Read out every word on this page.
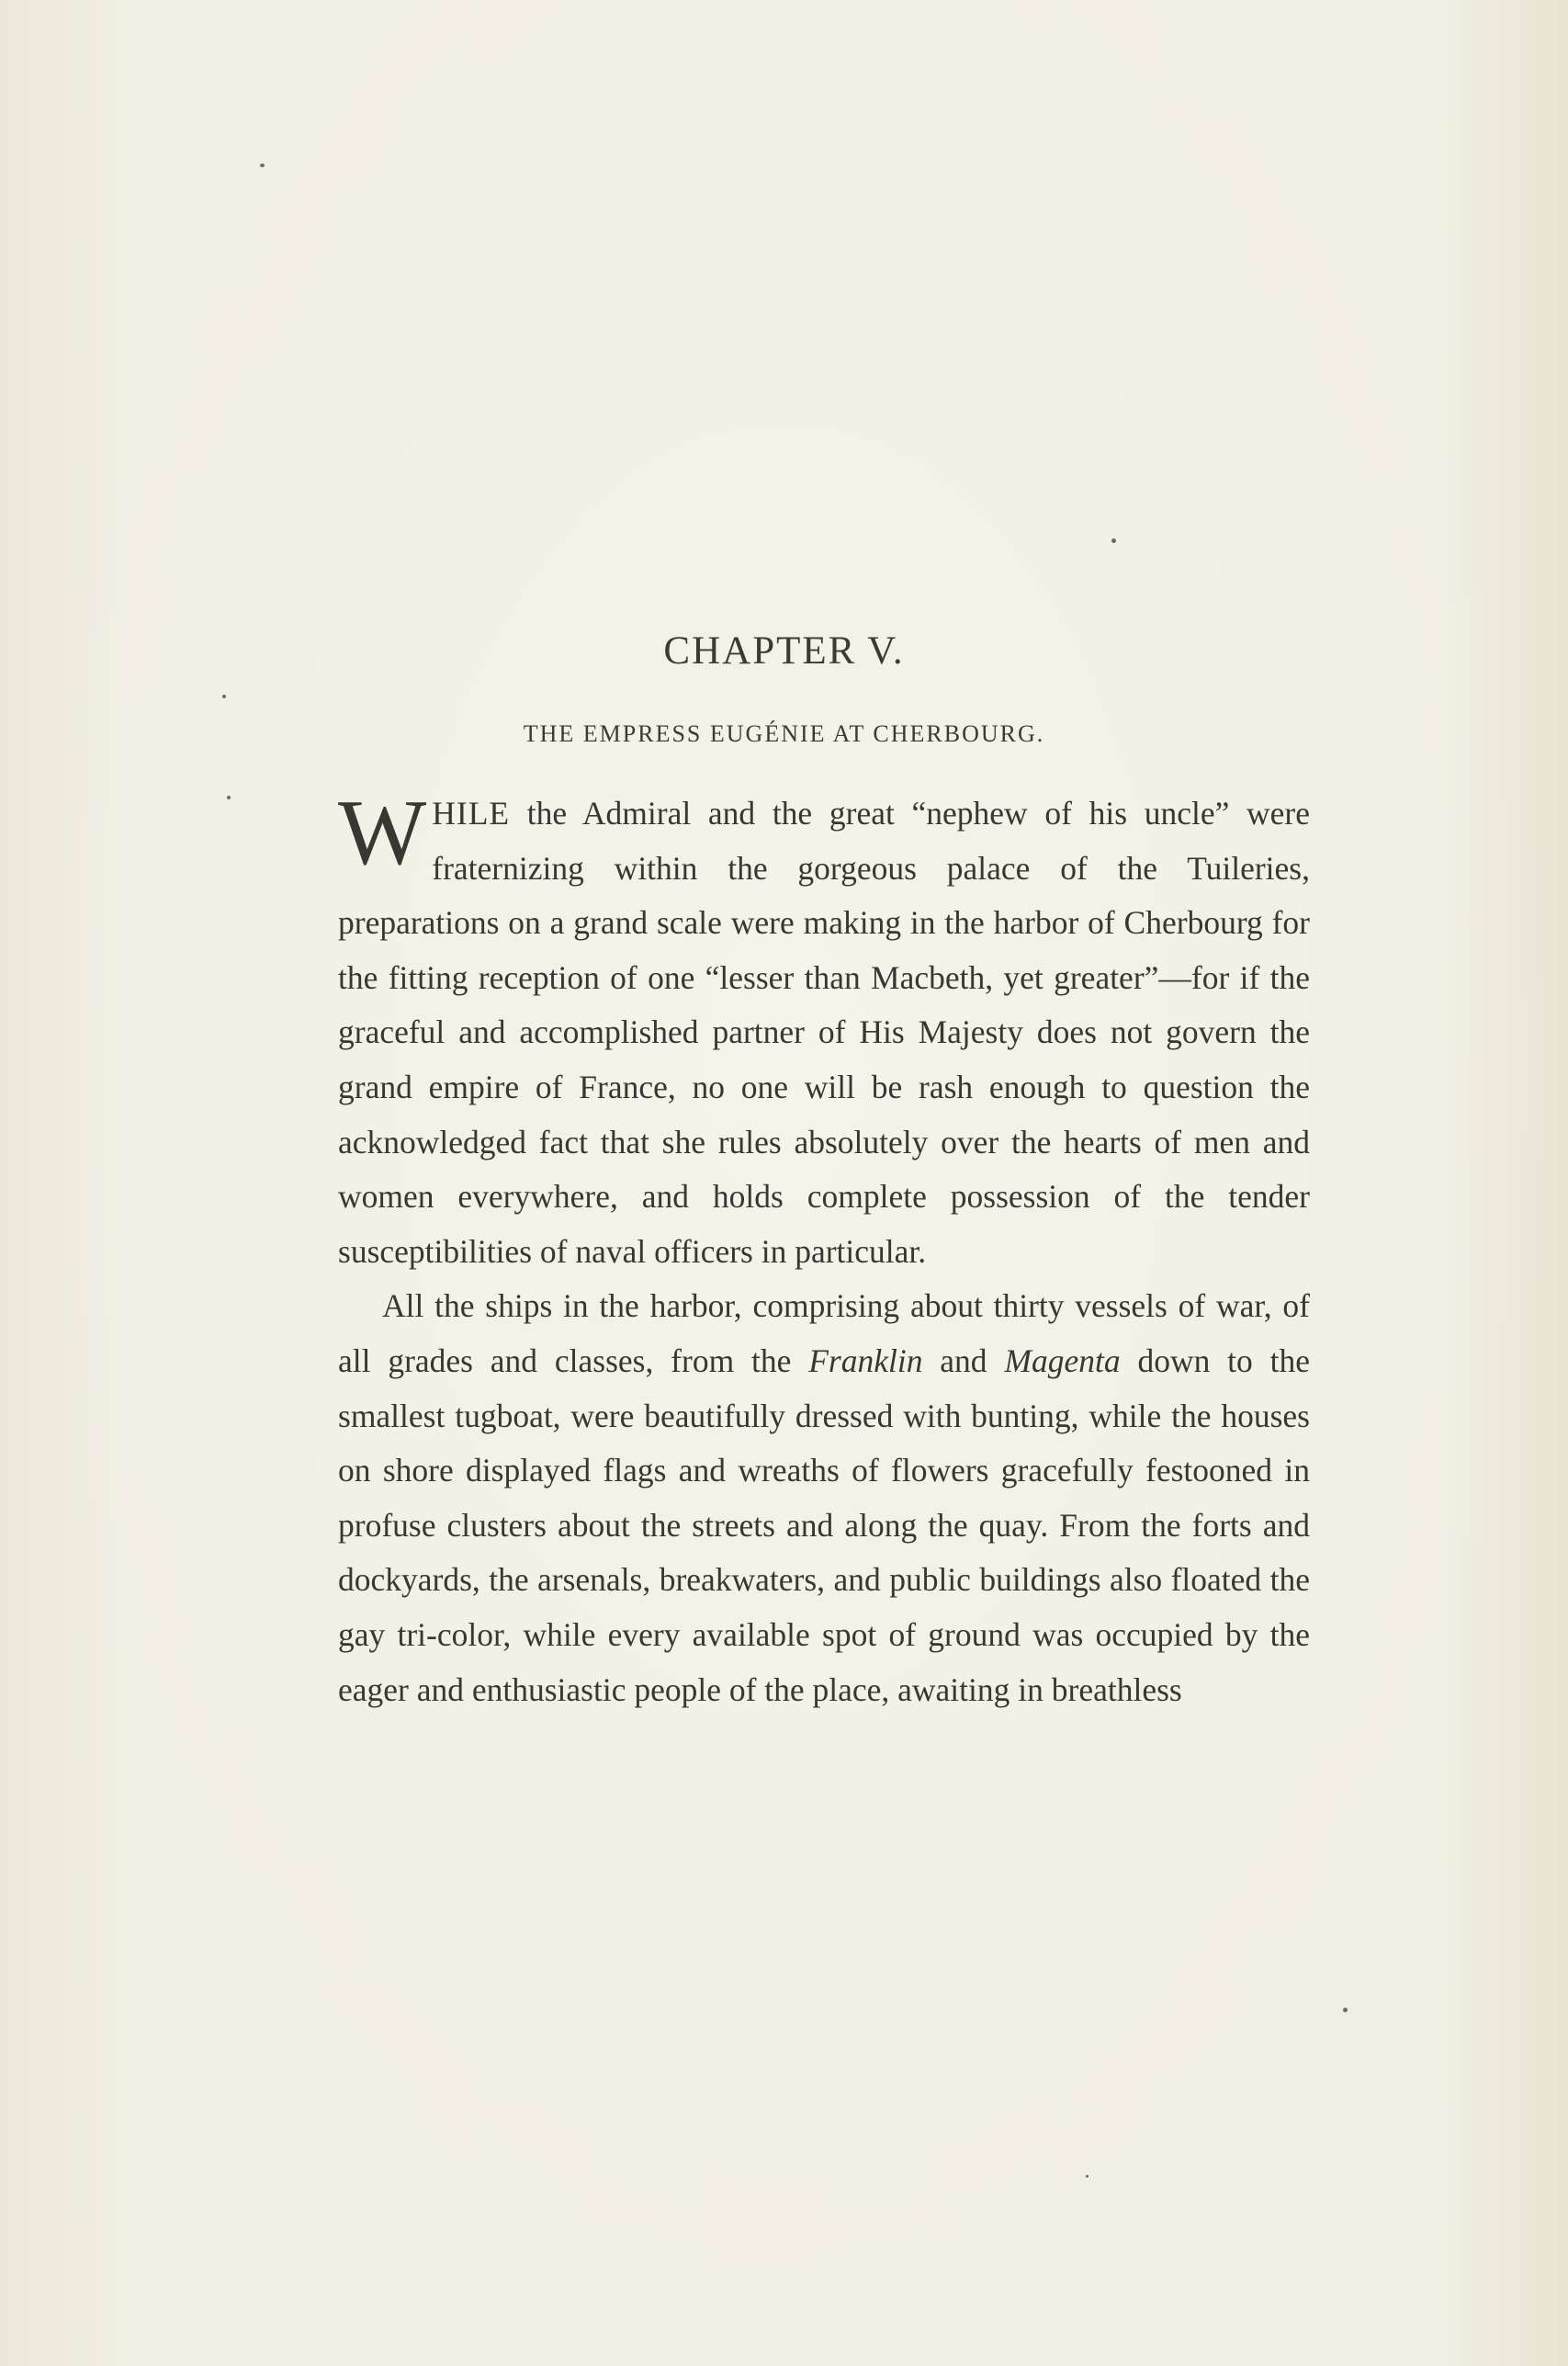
CHAPTER V.
THE EMPRESS EUGÉNIE AT CHERBOURG.

WHILE the Admiral and the great “nephew of his uncle” were fraternizing within the gorgeous palace of the Tuileries, preparations on a grand scale were making in the harbor of Cherbourg for the fitting reception of one “lesser than Macbeth, yet greater”—for if the graceful and accomplished partner of His Majesty does not govern the grand empire of France, no one will be rash enough to question the acknowledged fact that she rules absolutely over the hearts of men and women everywhere, and holds complete possession of the tender susceptibilities of naval officers in particular.

All the ships in the harbor, comprising about thirty vessels of war, of all grades and classes, from the Franklin and Magenta down to the smallest tugboat, were beautifully dressed with bunting, while the houses on shore displayed flags and wreaths of flowers gracefully festooned in profuse clusters about the streets and along the quay. From the forts and dockyards, the arsenals, breakwaters, and public buildings also floated the gay tri-color, while every available spot of ground was occupied by the eager and enthusiastic people of the place, awaiting in breathless
